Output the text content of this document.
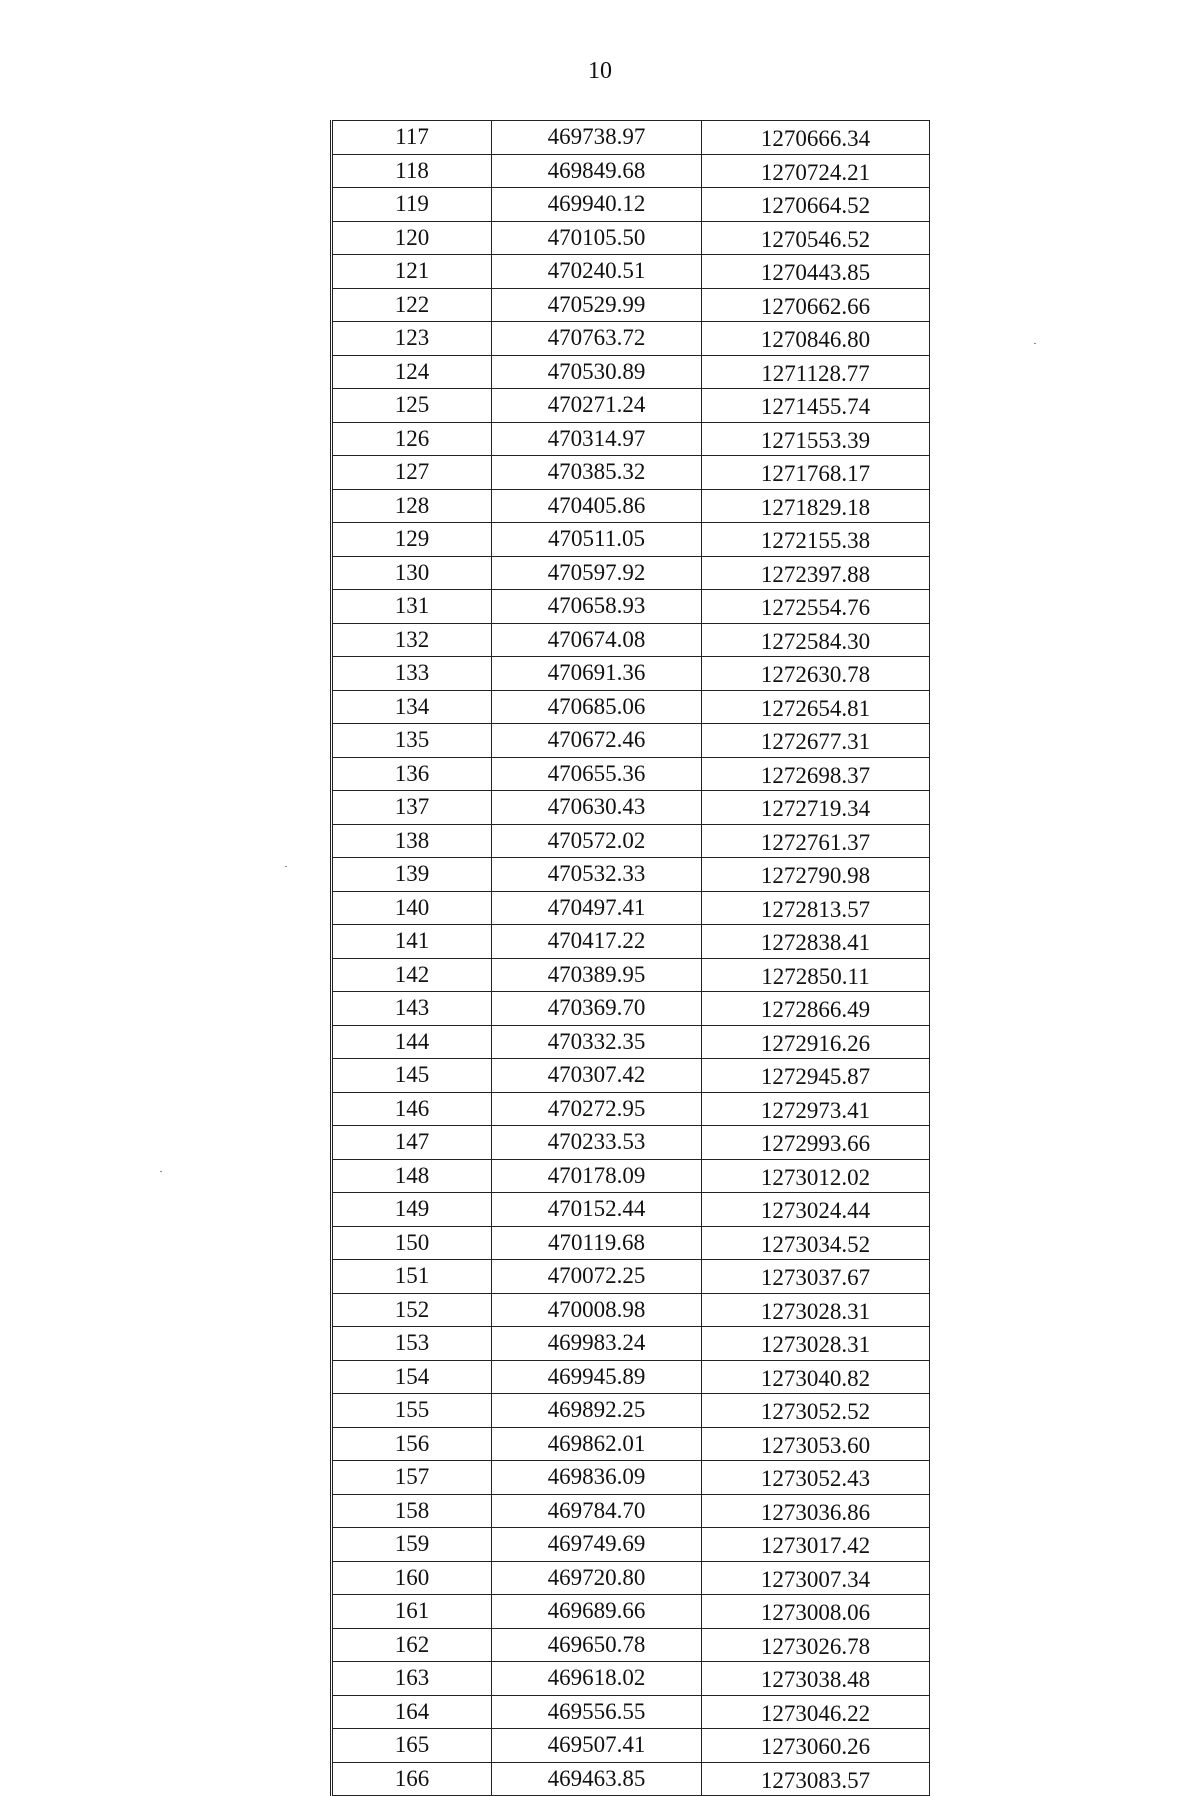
10
117	469738.97	1270666.34
118	469849.68	1270724.21
119	469940.12	1270664.52
120	470105.50	1270546.52
121	470240.51	1270443.85
122	470529.99	1270662.66
123	470763.72	1270846.80
124	470530.89	1271128.77
125	470271.24	1271455.74
126	470314.97	1271553.39
127	470385.32	1271768.17
128	470405.86	1271829.18
129	470511.05	1272155.38
130	470597.92	1272397.88
131	470658.93	1272554.76
132	470674.08	1272584.30
133	470691.36	1272630.78
134	470685.06	1272654.81
135	470672.46	1272677.31
136	470655.36	1272698.37
137	470630.43	1272719.34
138	470572.02	1272761.37
139	470532.33	1272790.98
140	470497.41	1272813.57
141	470417.22	1272838.41
142	470389.95	1272850.11
143	470369.70	1272866.49
144	470332.35	1272916.26
145	470307.42	1272945.87
146	470272.95	1272973.41
147	470233.53	1272993.66
148	470178.09	1273012.02
149	470152.44	1273024.44
150	470119.68	1273034.52
151	470072.25	1273037.67
152	470008.98	1273028.31
153	469983.24	1273028.31
154	469945.89	1273040.82
155	469892.25	1273052.52
156	469862.01	1273053.60
157	469836.09	1273052.43
158	469784.70	1273036.86
159	469749.69	1273017.42
160	469720.80	1273007.34
161	469689.66	1273008.06
162	469650.78	1273026.78
163	469618.02	1273038.48
164	469556.55	1273046.22
165	469507.41	1273060.26
166	469463.85	1273083.57
